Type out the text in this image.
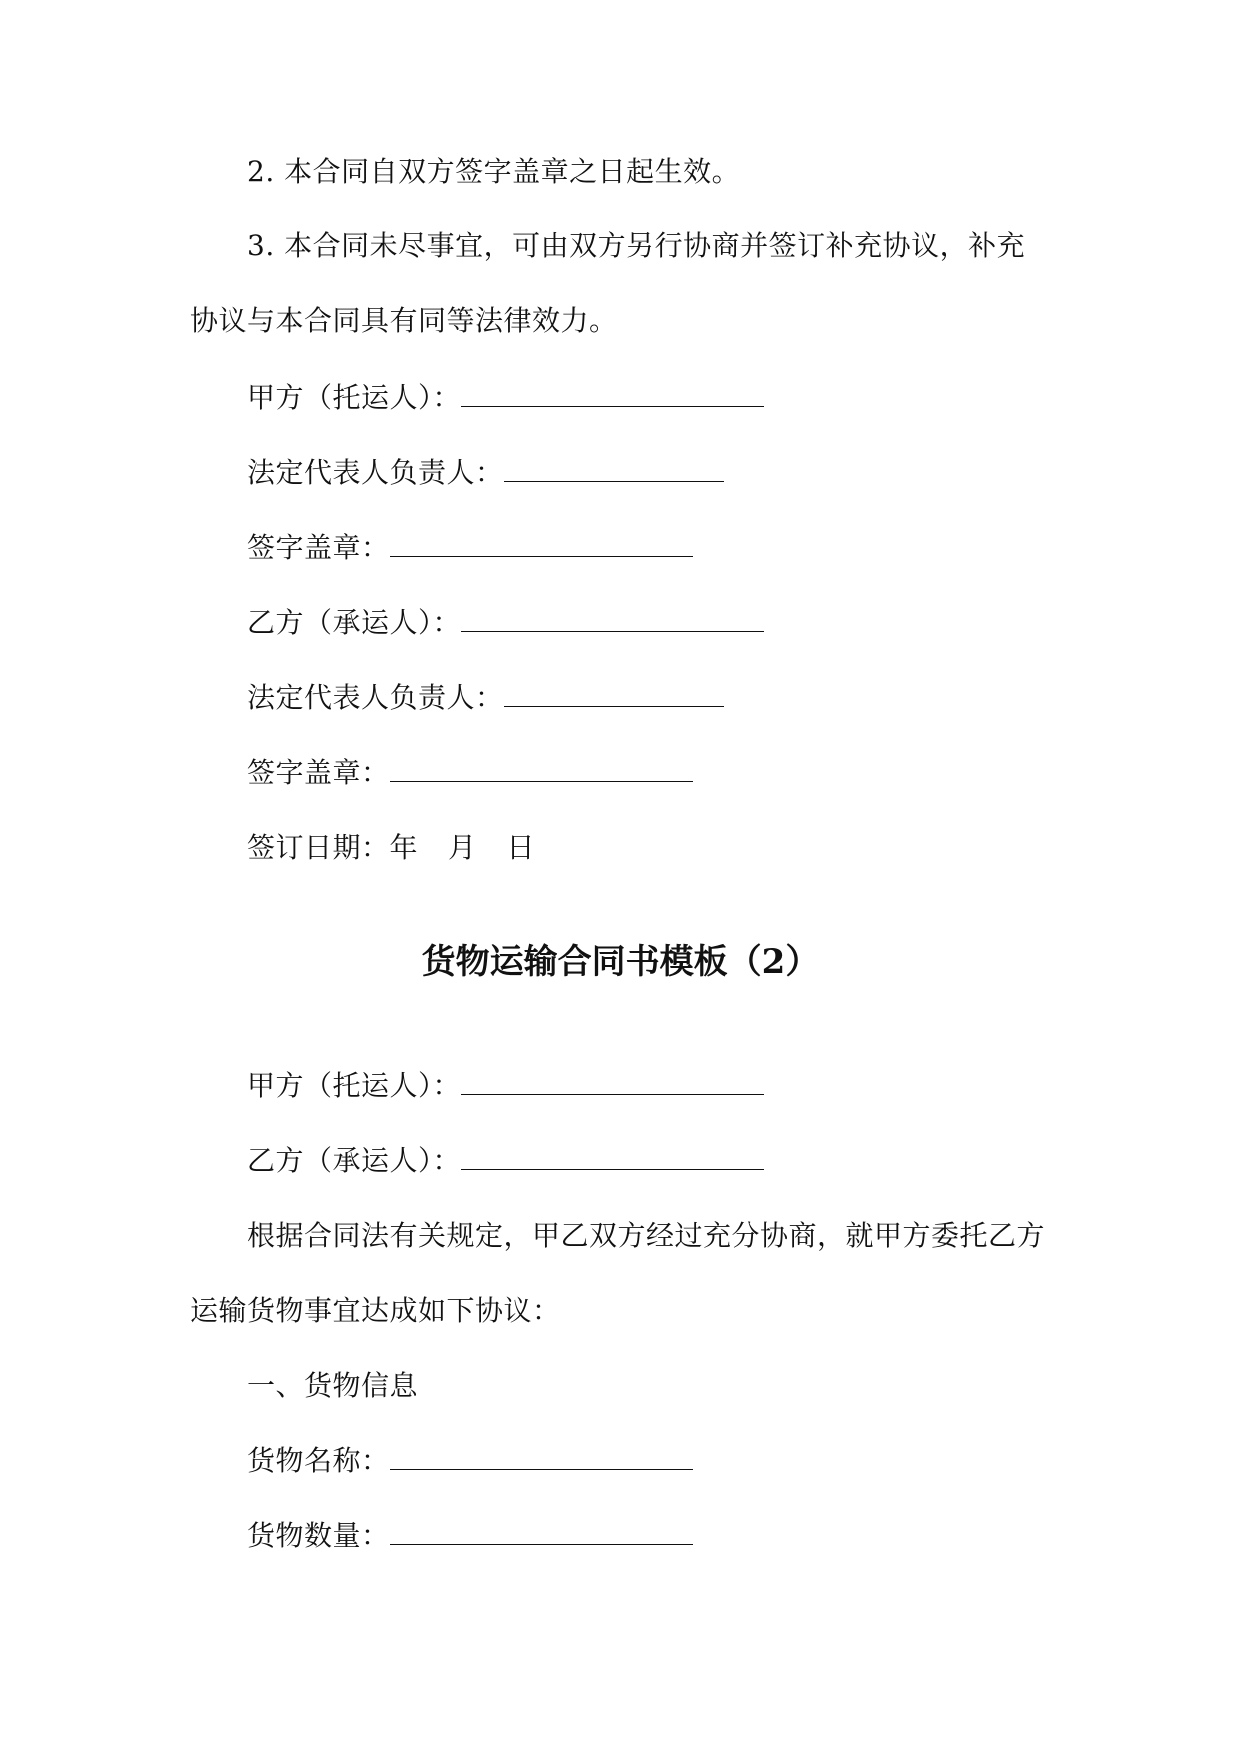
2. 本合同自双方签字盖章之日起生效。
3. 本合同未尽事宜，可由双方另行协商并签订补充协议，补充
协议与本合同具有同等法律效力。
甲方（托运人）：
法定代表人负责人：
签字盖章：
乙方（承运人）：
法定代表人负责人：
签字盖章：
签订日期：年 月 日
货物运输合同书模板（2）
甲方（托运人）：
乙方（承运人）：
根据合同法有关规定，甲乙双方经过充分协商，就甲方委托乙方
运输货物事宜达成如下协议：
一、货物信息
货物名称：
货物数量：
